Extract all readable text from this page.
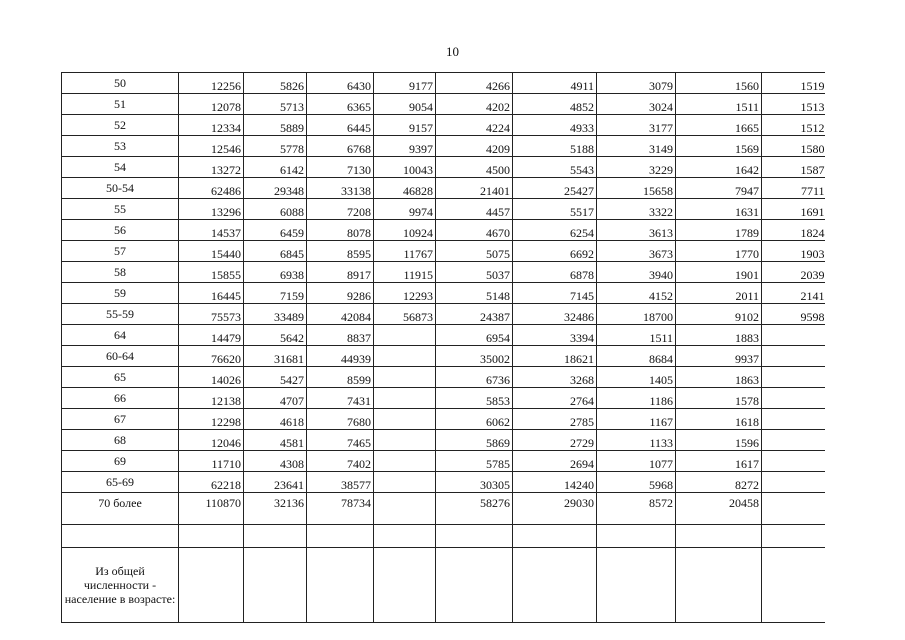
10
50	12256	5826	6430	9177	4266	4911	3079	1560	1519
51	12078	5713	6365	9054	4202	4852	3024	1511	1513
52	12334	5889	6445	9157	4224	4933	3177	1665	1512
53	12546	5778	6768	9397	4209	5188	3149	1569	1580
54	13272	6142	7130	10043	4500	5543	3229	1642	1587
50-54	62486	29348	33138	46828	21401	25427	15658	7947	7711
55	13296	6088	7208	9974	4457	5517	3322	1631	1691
56	14537	6459	8078	10924	4670	6254	3613	1789	1824
57	15440	6845	8595	11767	5075	6692	3673	1770	1903
58	15855	6938	8917	11915	5037	6878	3940	1901	2039
59	16445	7159	9286	12293	5148	7145	4152	2011	2141
55-59	75573	33489	42084	56873	24387	32486	18700	9102	9598
64	14479	5642	8837		6954	3394	1511	1883	
60-64	76620	31681	44939		35002	18621	8684	9937	
65	14026	5427	8599		6736	3268	1405	1863	
66	12138	4707	7431		5853	2764	1186	1578	
67	12298	4618	7680		6062	2785	1167	1618	
68	12046	4581	7465		5869	2729	1133	1596	
69	11710	4308	7402		5785	2694	1077	1617	
65-69	62218	23641	38577		30305	14240	5968	8272	
70 более	110870	32136	78734		58276	29030	8572	20458	

Из общей численности - население в возрасте:									
